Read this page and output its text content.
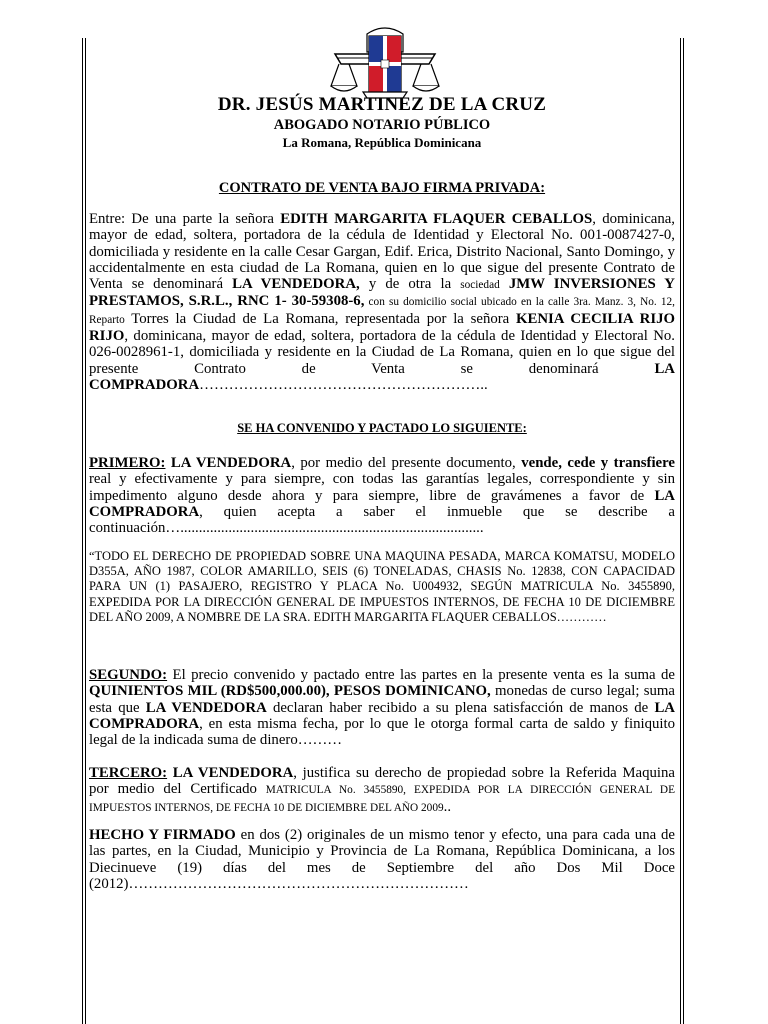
DR. JESÚS MARTINEZ DE LA CRUZ
ABOGADO NOTARIO PÚBLICO
La Romana, República Dominicana
CONTRATO DE VENTA BAJO FIRMA PRIVADA:
Entre: De una parte la señora EDITH MARGARITA FLAQUER CEBALLOS, dominicana, mayor de edad, soltera, portadora de la cédula de Identidad y Electoral No. 001-0087427-0, domiciliada y residente en la calle Cesar Gargan, Edif. Erica, Distrito Nacional, Santo Domingo, y accidentalmente en esta ciudad de La Romana, quien en lo que sigue del presente Contrato de Venta se denominará LA VENDEDORA, y de otra la sociedad JMW INVERSIONES Y PRESTAMOS, S.R.L., RNC 1- 30-59308-6, con su domicilio social ubicado en la calle 3ra. Manz. 3, No. 12, Reparto Torres la Ciudad de La Romana, representada por la señora KENIA CECILIA RIJO RIJO, dominicana, mayor de edad, soltera, portadora de la cédula de Identidad y Electoral No. 026-0028961-1, domiciliada y residente en la Ciudad de La Romana, quien en lo que sigue del presente Contrato de Venta se denominará LA COMPRADORA…………………………………………………..
SE HA CONVENIDO Y PACTADO LO SIGUIENTE:
PRIMERO: LA VENDEDORA, por medio del presente documento, vende, cede y transfiere real y efectivamente y para siempre, con todas las garantías legales, correspondiente y sin impedimento alguno desde ahora y para siempre, libre de gravámenes a favor de LA COMPRADORA, quien acepta a saber el inmueble que se describe a continuación…..................................................................................
“TODO EL DERECHO DE PROPIEDAD SOBRE UNA MAQUINA PESADA, MARCA KOMATSU, MODELO D355A, AÑO 1987, COLOR AMARILLO, SEIS (6) TONELADAS, CHASIS No. 12838, CON CAPACIDAD PARA UN (1) PASAJERO, REGISTRO Y PLACA No. U004932, SEGÚN MATRICULA No. 3455890, EXPEDIDA POR LA DIRECCIÓN GENERAL DE IMPUESTOS INTERNOS, DE FECHA 10 DE DICIEMBRE DEL AÑO 2009, A NOMBRE DE LA SRA. EDITH MARGARITA FLAQUER CEBALLOS…………
SEGUNDO: El precio convenido y pactado entre las partes en la presente venta es la suma de QUINIENTOS MIL (RD$500,000.00), PESOS DOMINICANO, monedas de curso legal; suma esta que LA VENDEDORA declaran haber recibido a su plena satisfacción de manos de LA COMPRADORA, en esta misma fecha, por lo que le otorga formal carta de saldo y finiquito legal de la indicada suma de dinero………
TERCERO: LA VENDEDORA, justifica su derecho de propiedad sobre la Referida Maquina por medio del Certificado MATRICULA No. 3455890, EXPEDIDA POR LA DIRECCIÓN GENERAL DE IMPUESTOS INTERNOS, DE FECHA 10 DE DICIEMBRE DEL AÑO 2009..
HECHO Y FIRMADO en dos (2) originales de un mismo tenor y efecto, una para cada una de las partes, en la Ciudad, Municipio y Provincia de La Romana, República Dominicana, a los Diecinueve (19) días del mes de Septiembre del año Dos Mil Doce (2012)……………………………………………………………
